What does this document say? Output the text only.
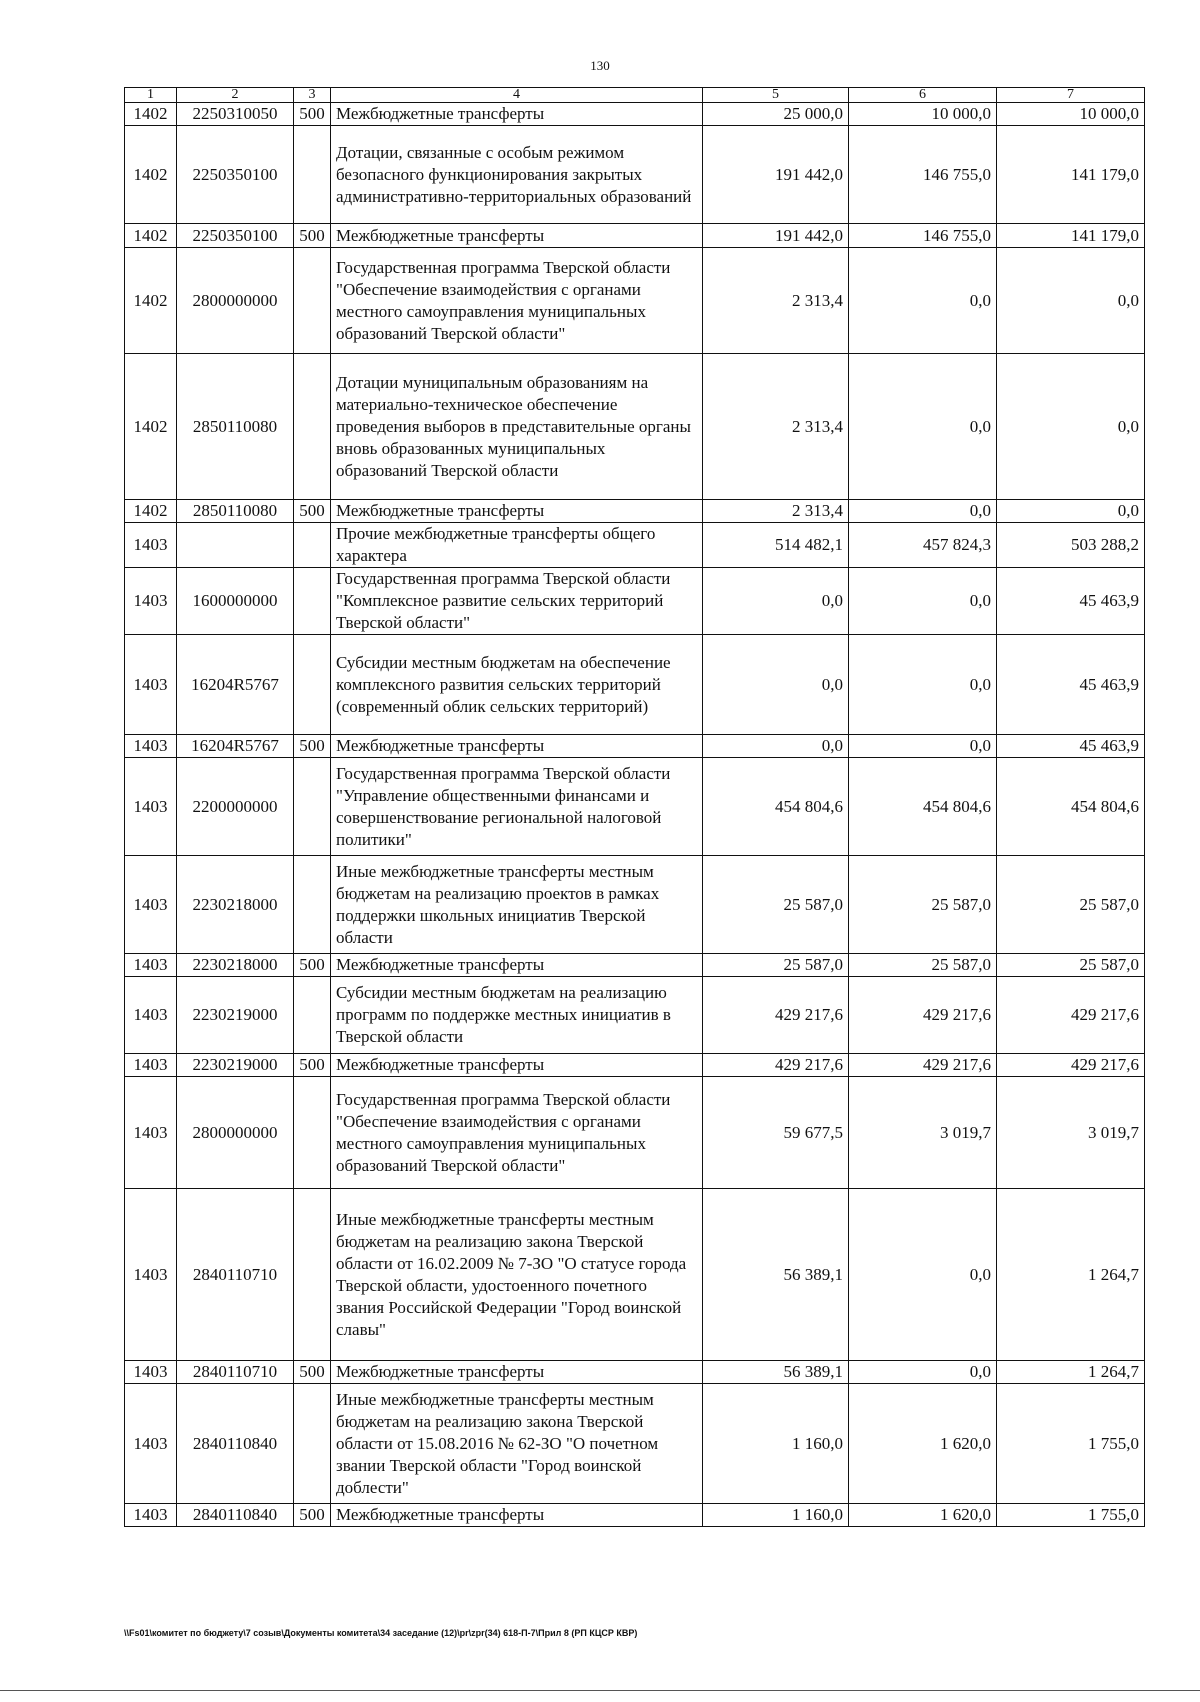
130
1	2	3	4	5	6	7
1402	2250310050	500	Межбюджетные трансферты	25 000,0	10 000,0	10 000,0
1402	2250350100		Дотации, связанные с особым режимом безопасного функционирования закрытых административно-территориальных образований	191 442,0	146 755,0	141 179,0
1402	2250350100	500	Межбюджетные трансферты	191 442,0	146 755,0	141 179,0
1402	2800000000		Государственная программа Тверской области "Обеспечение взаимодействия с органами местного самоуправления муниципальных образований Тверской области"	2 313,4	0,0	0,0
1402	2850110080		Дотации муниципальным образованиям на материально-техническое обеспечение проведения выборов в представительные органы вновь образованных муниципальных образований Тверской области	2 313,4	0,0	0,0
1402	2850110080	500	Межбюджетные трансферты	2 313,4	0,0	0,0
1403			Прочие межбюджетные трансферты общего характера	514 482,1	457 824,3	503 288,2
1403	1600000000		Государственная программа Тверской области "Комплексное развитие сельских территорий Тверской области"	0,0	0,0	45 463,9
1403	16204R5767		Субсидии местным бюджетам на обеспечение комплексного развития сельских территорий (современный облик сельских территорий)	0,0	0,0	45 463,9
1403	16204R5767	500	Межбюджетные трансферты	0,0	0,0	45 463,9
1403	2200000000		Государственная программа Тверской области "Управление общественными финансами и совершенствование региональной налоговой политики"	454 804,6	454 804,6	454 804,6
1403	2230218000		Иные межбюджетные трансферты местным бюджетам на реализацию проектов в рамках поддержки школьных инициатив Тверской области	25 587,0	25 587,0	25 587,0
1403	2230218000	500	Межбюджетные трансферты	25 587,0	25 587,0	25 587,0
1403	2230219000		Субсидии местным бюджетам на реализацию программ по поддержке местных инициатив в Тверской области	429 217,6	429 217,6	429 217,6
1403	2230219000	500	Межбюджетные трансферты	429 217,6	429 217,6	429 217,6
1403	2800000000		Государственная программа Тверской области "Обеспечение взаимодействия с органами местного самоуправления муниципальных образований Тверской области"	59 677,5	3 019,7	3 019,7
1403	2840110710		Иные межбюджетные трансферты местным бюджетам на реализацию закона Тверской области от 16.02.2009 № 7-ЗО "О статусе города Тверской области, удостоенного почетного звания Российской Федерации "Город воинской славы"	56 389,1	0,0	1 264,7
1403	2840110710	500	Межбюджетные трансферты	56 389,1	0,0	1 264,7
1403	2840110840		Иные межбюджетные трансферты местным бюджетам на реализацию закона Тверской области от 15.08.2016 № 62-ЗО "О почетном звании Тверской области "Город воинской доблести"	1 160,0	1 620,0	1 755,0
1403	2840110840	500	Межбюджетные трансферты	1 160,0	1 620,0	1 755,0
\\Fs01\комитет по бюджету\7 созыв\Документы комитета\34 заседание (12)\pr\zpr(34) 618-П-7\Прил 8 (РП КЦСР КВР)
